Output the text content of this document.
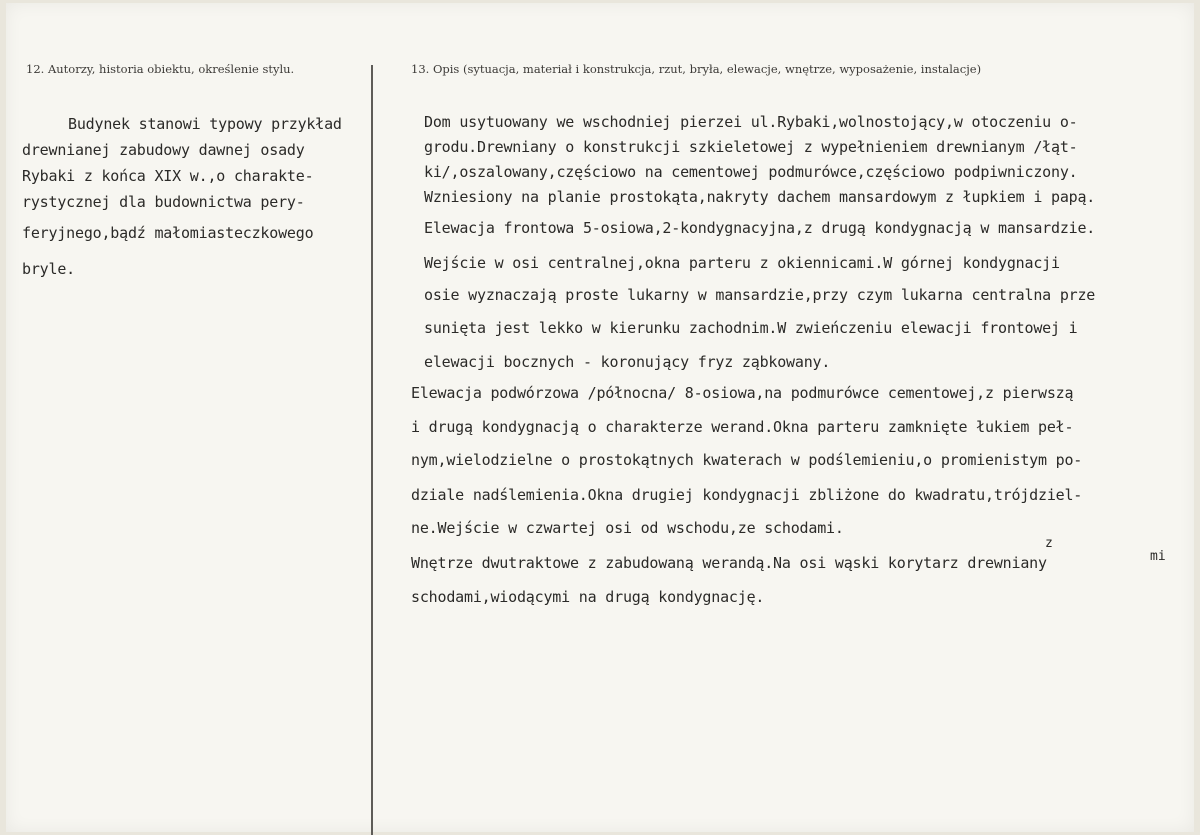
12. Autorzy, historia obiektu, określenie stylu.	13. Opis (sytuacja, materiał i konstrukcja, rzut, bryła, elewacje, wnętrze, wyposażenie, instalacje)
Budynek stanowi typowy przykład
drewnianej zabudowy dawnej osady
Rybaki z końca XIX w.,o charakte-
rystycznej dla budownictwa pery-
feryjnego,bądź małomiasteczkowego
bryle.
Dom usytuowany we wschodniej pierzei ul.Rybaki,wolnostojący,w otoczeniu o-
grodu.Drewniany o konstrukcji szkieletowej z wypełnieniem drewnianym /łąt-
ki/,oszalowany,częściowo na cementowej podmurówce,częściowo podpiwniczony.
Wzniesiony na planie prostokąta,nakryty dachem mansardowym z łupkiem i papą.
Elewacja frontowa 5-osiowa,2-kondygnacyjna,z drugą kondygnacją w mansardzie.
Wejście w osi centralnej,okna parteru z okiennicami.W górnej kondygnacji
osie wyznaczają proste lukarny w mansardzie,przy czym lukarna centralna prze
sunięta jest lekko w kierunku zachodnim.W zwieńczeniu elewacji frontowej i
elewacji bocznych - koronujący fryz ząbkowany.
Elewacja podwórzowa /północna/ 8-osiowa,na podmurówce cementowej,z pierwszą
i drugą kondygnacją o charakterze werand.Okna parteru zamknięte łukiem peł-
nym,wielodzielne o prostokątnych kwaterach w podślemieniu,o promienistym po-
dziale nadślemienia.Okna drugiej kondygnacji zbliżone do kwadratu,trójdziel-
ne.Wejście w czwartej osi od wschodu,ze schodami.
Wnętrze dwutraktowe z zabudowaną werandą.Na osi wąski korytarz drewniany
schodami,wiodącymi na drugą kondygnację.
z
mi
